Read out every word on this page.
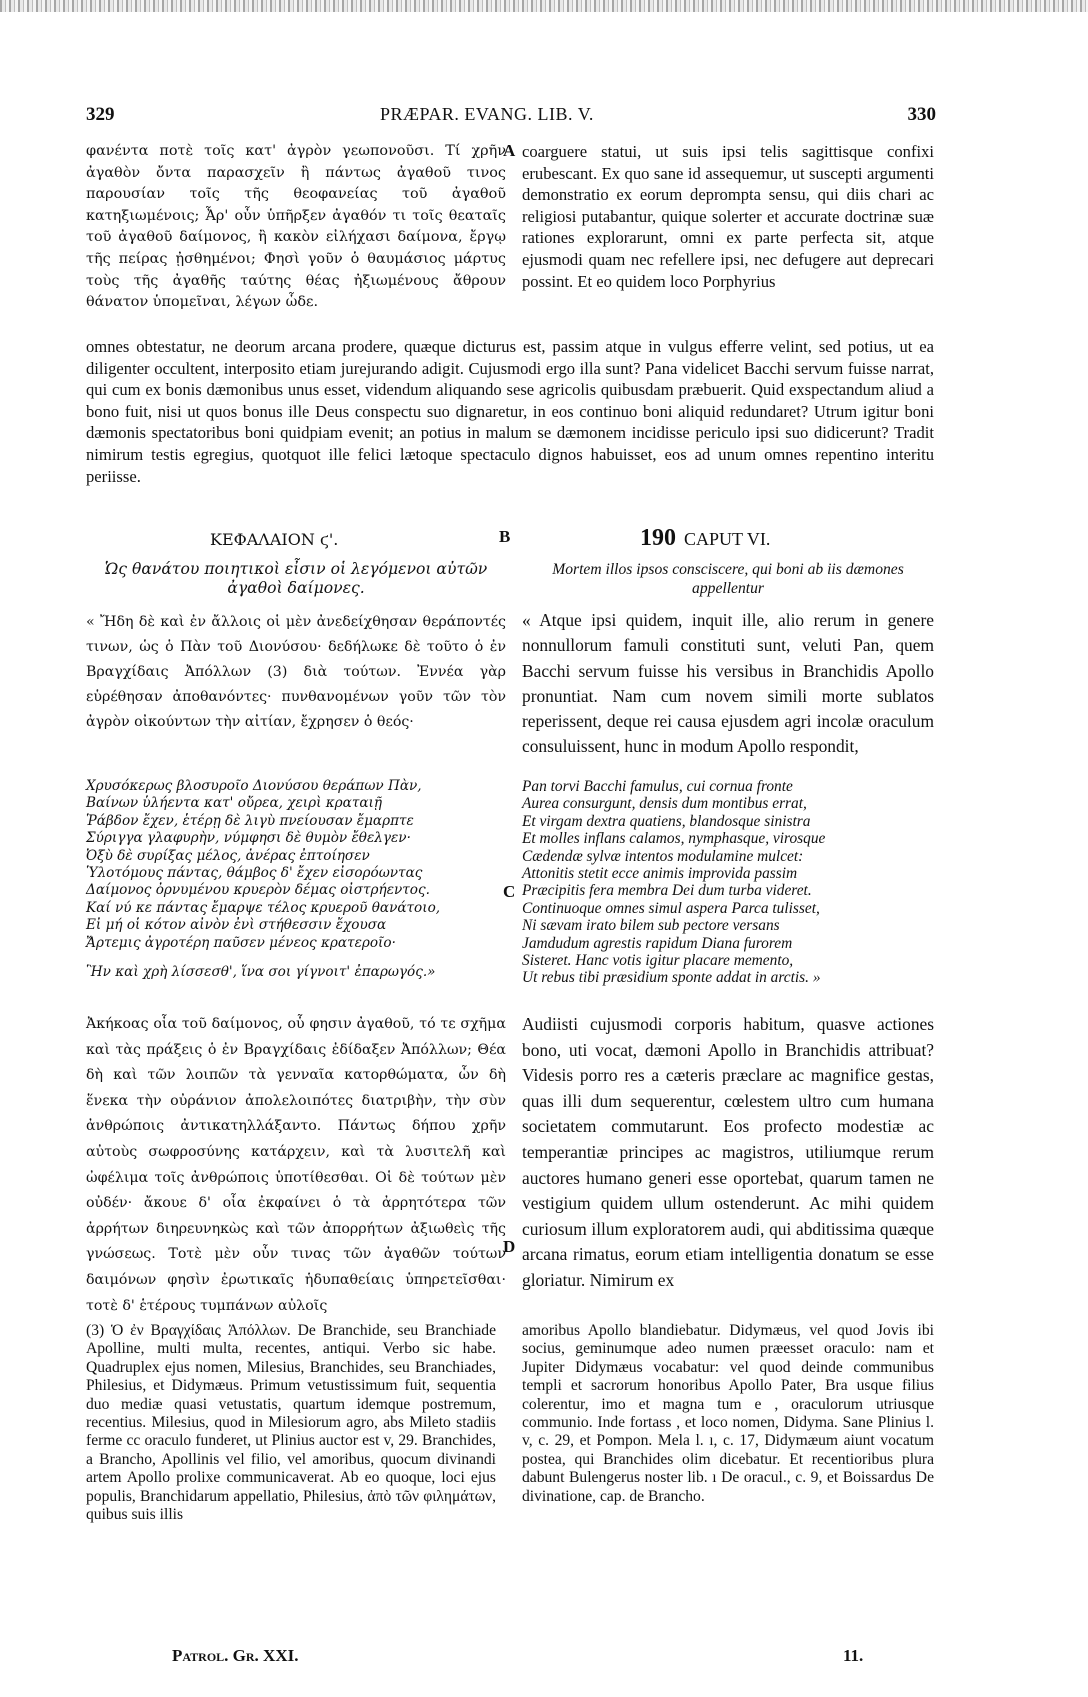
329	PRÆPAR. EVANG. LIB. V.	330
φανέντα ποτὲ τοῖς κατ' ἀγρὸν γεωπονοῦσι. Τί χρῆν ἀγαθὸν ὄντα παρασχεῖν ἢ πάντως ἀγαθοῦ τινος παρουσίαν τοῖς τῆς θεοφανείας τοῦ ἀγαθοῦ κατηξιωμένοις; Ἆρ' οὖν ὑπῆρξεν ἀγαθόν τι τοῖς θεαταῖς τοῦ ἀγαθοῦ δαίμονος, ἢ κακὸν εἰλήχασι δαίμονα, ἔργῳ τῆς πείρας ᾐσθημένοι; Φησὶ γοῦν ὁ θαυμάσιος μάρτυς τοὺς τῆς ἀγαθῆς ταύτης θέας ἠξιωμένους ἄθρουν θάνατον ὑπομεῖναι, λέγων ὧδε.
A coarguere statui, ut suis ipsi telis sagittisque confixi erubescant. Ex quo sane id assequemur, ut suscepti argumenti demonstratio ex eorum deprompta sensu, qui diis chari ac religiosi putabantur, quique solerter et accurate doctrinæ suæ rationes explorarunt, omni ex parte perfecta sit, atque ejusmodi quam nec refellere ipsi, nec defugere aut deprecari possint. Et eo quidem loco Porphyrius
omnes obtestatur, ne deorum arcana prodere, quæque dicturus est, passim atque in vulgus efferre velint, sed potius, ut ea diligenter occultent, interposito etiam jurejurando adigit. Cujusmodi ergo illa sunt? Pana videlicet Bacchi servum fuisse narrat, qui cum ex bonis dæmonibus unus esset, videndum aliquando sese agricolis quibusdam præbuerit. Quid exspectandum aliud a bono fuit, nisi ut quos bonus ille Deus conspectu suo dignaretur, in eos continuo boni aliquid redundaret? Utrum igitur boni dæmonis spectatoribus boni quidpiam evenit; an potius in malum se dæmonem incidisse periculo ipsi suo didicerunt? Tradit nimirum testis egregius, quotquot ille felici lætoque spectaculo dignos habuisset, eos ad unum omnes repentino interitu periisse.
ΚΕΦΑΛΑΙΟΝ ϛ'.	B	190 CAPUT VI.
Ὡς θανάτου ποιητικοὶ εἶσιν οἱ λεγόμενοι αὐτῶν ἀγαθοὶ δαίμονες.
Mortem illos ipsos consciscere, qui boni ab iis dæmones appellentur
« Ἤδη δὲ καὶ ἐν ἄλλοις οἱ μὲν ἀνεδείχθησαν θεράποντές τινων, ὡς ὁ Πὰν τοῦ Διονύσου· δεδήλωκε δὲ τοῦτο ὁ ἐν Βραγχίδαις Ἀπόλλων (3) διὰ τούτων. Ἐννέα γὰρ εὑρέθησαν ἀποθανόντες· πυνθανομένων γοῦν τῶν τὸν ἀγρὸν οἰκούντων τὴν αἰτίαν, ἔχρησεν ὁ θεός·
« Atque ipsi quidem, inquit ille, alio rerum in genere nonnullorum famuli constituti sunt, veluti Pan, quem Bacchi servum fuisse his versibus in Branchidis Apollo pronuntiat. Nam cum novem simili morte sublatos reperissent, deque rei causa ejusdem agri incolæ oraculum consuluissent, hunc in modum Apollo respondit,
Χρυσόκερως βλοσυροῖο Διονύσου θεράπων Πὰν,
Βαίνων ὑλήεντα κατ' οὔρεα, χειρὶ κραταιῇ
Ῥάβδον ἔχεν, ἑτέρῃ δὲ λιγὺ πνείουσαν ἔμαρπτε
Σύριγγα γλαφυρὴν, νύμφησι δὲ θυμὸν ἔθελγεν·
Ὀξὺ δὲ συρίξας μέλος, ἀνέρας ἐπτοίησεν
Ὑλοτόμους πάντας, θάμβος δ' ἔχεν εἰσορόωντας
Δαίμονος ὀρνυμένου κρυερὸν δέμας οἰστρήεντος.
Καί νύ κε πάντας ἔμαρψε τέλος κρυεροῦ θανάτοιο,
Εἰ μή οἱ κότον αἰνὸν ἐνὶ στήθεσσιν ἔχουσα
Ἄρτεμις ἀγροτέρη παῦσεν μένεος κρατεροῖο·
Ἣν καὶ χρὴ λίσσεσθ', ἵνα σοι γίγνοιτ' ἐπαρωγός.»
C
Pan torvi Bacchi famulus, cui cornua fronte
Aurea consurgunt, densis dum montibus errat,
Et virgam dextra quatiens, blandosque sinistra
Et molles inflans calamos, nymphasque, virosque
Cædendæ sylvæ intentos modulamine mulcet:
Attonitis stetit ecce animis improvida passim
Præcipitis fera membra Dei dum turba videret.
Continuoque omnes simul aspera Parca tulisset,
Ni sævam irato bilem sub pectore versans
Jamdudum agrestis rapidum Diana furorem
Sisteret. Hanc votis igitur placare memento,
Ut rebus tibi præsidium sponte addat in arctis. »
Ἀκήκοας οἷα τοῦ δαίμονος, οὗ φησιν ἀγαθοῦ, τό τε σχῆμα καὶ τὰς πράξεις ὁ ἐν Βραγχίδαις ἐδίδαξεν Ἀπόλλων; Θέα δὴ καὶ τῶν λοιπῶν τὰ γενναῖα κατορθώματα, ὧν δὴ ἕνεκα τὴν οὐράνιον ἀπολελοιπότες διατριβὴν, τὴν σὺν ἀνθρώποις ἀντικατηλλάξαντο. Πάντως δήπου χρῆν αὐτοὺς σωφροσύνης κατάρχειν, καὶ τὰ λυσιτελῆ καὶ ὠφέλιμα τοῖς ἀνθρώποις ὑποτίθεσθαι. Οἱ δὲ τούτων μὲν οὐδέν· ἄκουε δ' οἷα ἐκφαίνει ὁ τὰ ἀρρητότερα τῶν ἀρρήτων διηρευνηκὼς καὶ τῶν ἀπορρήτων ἀξιωθεὶς τῆς γνώσεως. Τοτὲ μὲν οὖν τινας τῶν ἀγαθῶν τούτων δαιμόνων φησὶν ἐρωτικαῖς ἡδυπαθείαις ὑπηρετεῖσθαι· τοτὲ δ' ἑτέρους τυμπάνων αὐλοῖς
D
Audiisti cujusmodi corporis habitum, quasve actiones bono, uti vocat, dæmoni Apollo in Branchidis attribuat? Videsis porro res a cæteris præclare ac magnifice gestas, quas illi dum sequerentur, cœlestem ultro cum humana societatem commutarunt. Eos profecto modestiæ ac temperantiæ principes ac magistros, utiliumque rerum auctores humano generi esse oportebat, quarum tamen ne vestigium quidem ullum ostenderunt. Ac mihi quidem curiosum illum exploratorem audi, qui abditissima quæque arcana rimatus, eorum etiam intelligentia donatum se esse gloriatur. Nimirum ex
(3) Ὁ ἐν Βραγχίδαις Ἀπόλλων. De Branchide, seu Branchiade Apolline, multi multa, recentes, antiqui. Verbo sic habe. Quadruplex ejus nomen, Milesius, Branchides, seu Branchiades, Philesius, et Didymæus. Primum vetustissimum fuit, sequentia duo mediæ quasi vetustatis, quartum idemque postremum, recentius. Milesius, quod in Milesiorum agro, abs Mileto stadiis ferme cc oraculo funderet, ut Plinius auctor est v, 29. Branchides, a Brancho, Apollinis vel filio, vel amoribus, quocum divinandi artem Apollo prolixe communicaverat. Ab eo quoque, loci ejus populis, Branchidarum appellatio, Philesius, ἀπὸ τῶν φιλημάτων, quibus suis illis
amoribus Apollo blandiebatur. Didymæus, vel quod Jovis ibi socius, geminumque adeo numen præesset oraculo: nam et Jupiter Didymæus vocabatur: vel quod deinde communibus templi et sacrorum honoribus Apollo Pater, Bra usque filius colerentur, imo et magna tum e , oraculorum utriusque communio. Inde fortass , et loco nomen, Didyma. Sane Plinius l. v, c. 29, et Pompon. Mela l. ı, c. 17, Didymæum aiunt vocatum postea, qui Branchides olim dicebatur. Et recentioribus plura dabunt Bulengerus noster lib. ı De oracul., c. 9, et Boissardus De divinatione, cap. de Brancho.
Patrol. Gr. XXI.	11.
